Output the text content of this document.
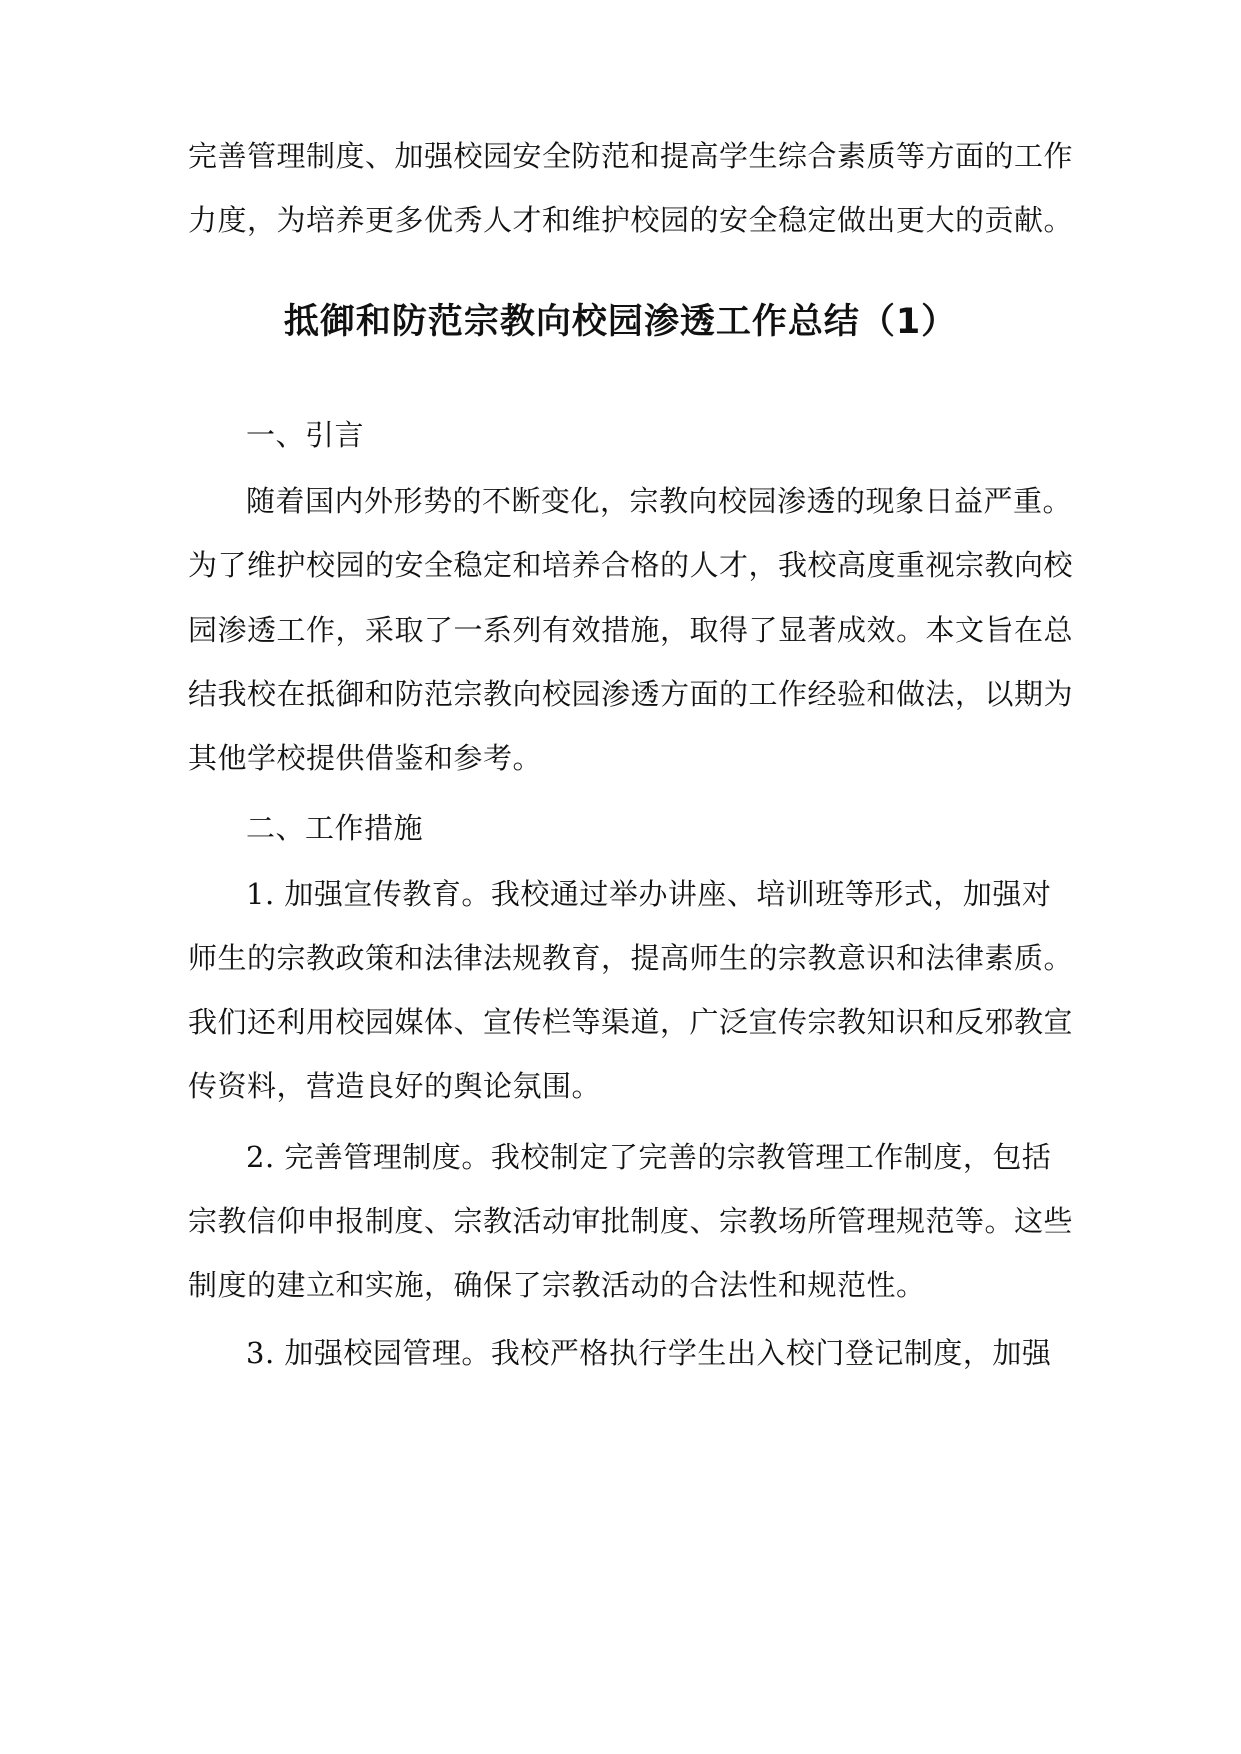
完善管理制度、加强校园安全防范和提高学生综合素质等方面的工作
力度，为培养更多优秀人才和维护校园的安全稳定做出更大的贡献。
抵御和防范宗教向校园渗透工作总结（1）
一、引言
随着国内外形势的不断变化，宗教向校园渗透的现象日益严重。
为了维护校园的安全稳定和培养合格的人才，我校高度重视宗教向校
园渗透工作，采取了一系列有效措施，取得了显著成效。本文旨在总
结我校在抵御和防范宗教向校园渗透方面的工作经验和做法，以期为
其他学校提供借鉴和参考。
二、工作措施
1. 加强宣传教育。我校通过举办讲座、培训班等形式，加强对
师生的宗教政策和法律法规教育，提高师生的宗教意识和法律素质。
我们还利用校园媒体、宣传栏等渠道，广泛宣传宗教知识和反邪教宣
传资料，营造良好的舆论氛围。
2. 完善管理制度。我校制定了完善的宗教管理工作制度，包括
宗教信仰申报制度、宗教活动审批制度、宗教场所管理规范等。这些
制度的建立和实施，确保了宗教活动的合法性和规范性。
3. 加强校园管理。我校严格执行学生出入校门登记制度，加强
